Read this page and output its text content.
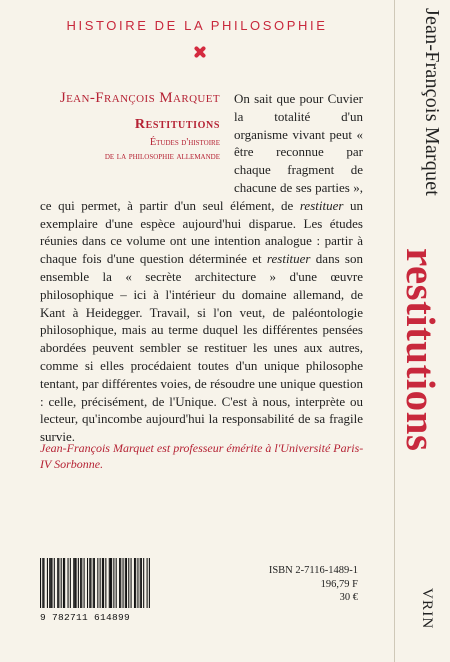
HISTOIRE DE LA PHILOSOPHIE
Jean-François Marquet
Restitutions
Études d'histoire
de la philosophie allemande

On sait que pour Cuvier la totalité d'un organisme vivant peut « être reconnue par chaque fragment de chacune de ses parties », ce qui permet, à partir d'un seul élément, de restituer un exemplaire d'une espèce aujourd'hui disparue. Les études réunies dans ce volume ont une intention analogue : partir à chaque fois d'une question déterminée et restituer dans son ensemble la « secrète architecture » d'une œuvre philosophique – ici à l'intérieur du domaine allemand, de Kant à Heidegger. Travail, si l'on veut, de paléontologie philosophique, mais au terme duquel les différentes pensées abordées peuvent sembler se restituer les unes aux autres, comme si elles procédaient toutes d'un unique philosophe tentant, par différentes voies, de résoudre une unique question : celle, précisément, de l'Unique. C'est à nous, interprète ou lecteur, qu'incombe aujourd'hui la responsabilité de sa fragile survie.

Jean-François Marquet est professeur émérite à l'Université Paris-IV Sorbonne.

9 782711 614899
ISBN 2-7116-1489-1
196,79 F
30 €
Jean-François Marquet
restitutions
VRIN
